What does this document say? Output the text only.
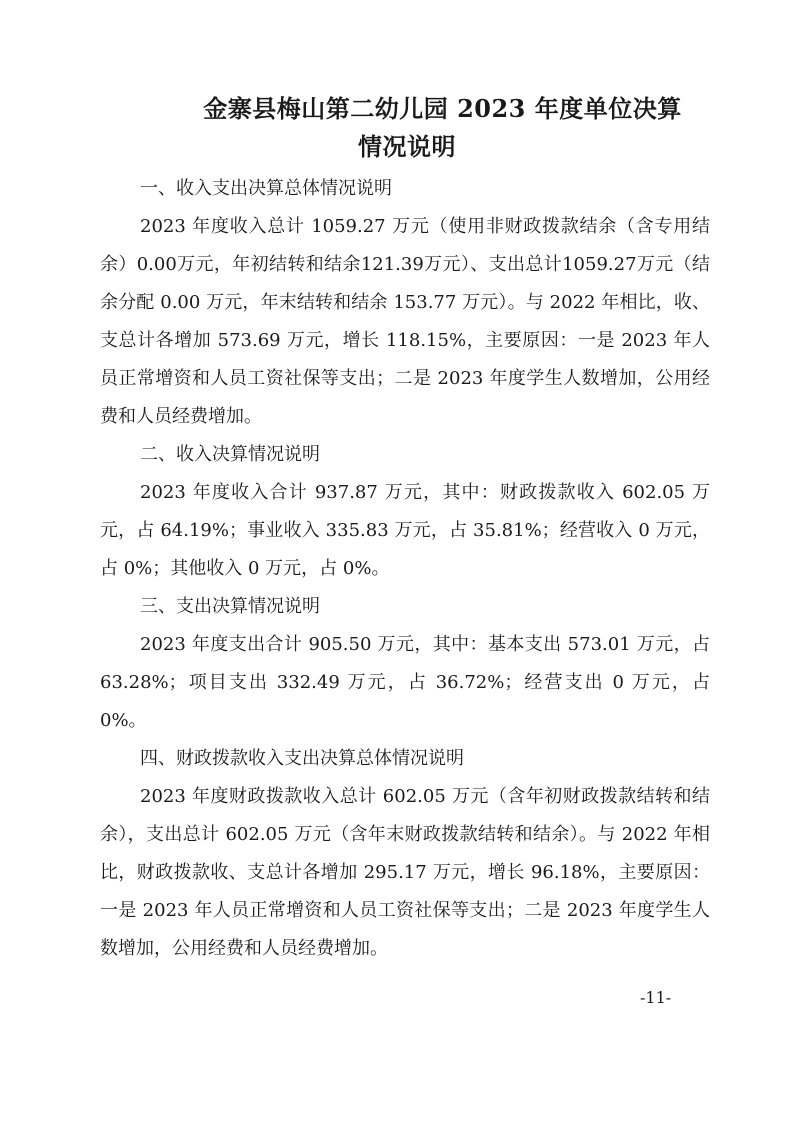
金寨县梅山第二幼儿园 2023 年度单位决算
情况说明

一、收入支出决算总体情况说明

2023 年度收入总计 1059.27 万元（使用非财政拨款结余（含专用结余）0.00万元，年初结转和结余121.39万元）、支出总计1059.27万元（结余分配 0.00 万元，年末结转和结余 153.77 万元）。与 2022 年相比，收、支总计各增加 573.69 万元，增长 118.15%，主要原因：一是 2023 年人员正常增资和人员工资社保等支出；二是 2023 年度学生人数增加，公用经费和人员经费增加。

二、收入决算情况说明

2023 年度收入合计 937.87 万元，其中：财政拨款收入 602.05 万元，占 64.19%；事业收入 335.83 万元，占 35.81%；经营收入 0 万元，占 0%；其他收入 0 万元，占 0%。

三、支出决算情况说明

2023 年度支出合计 905.50 万元，其中：基本支出 573.01 万元，占 63.28%；项目支出 332.49 万元，占 36.72%；经营支出 0 万元，占 0%。

四、财政拨款收入支出决算总体情况说明

2023 年度财政拨款收入总计 602.05 万元（含年初财政拨款结转和结余），支出总计 602.05 万元（含年末财政拨款结转和结余）。与 2022 年相比，财政拨款收、支总计各增加 295.17 万元，增长 96.18%，主要原因：一是 2023 年人员正常增资和人员工资社保等支出；二是 2023 年度学生人数增加，公用经费和人员经费增加。

-11-
